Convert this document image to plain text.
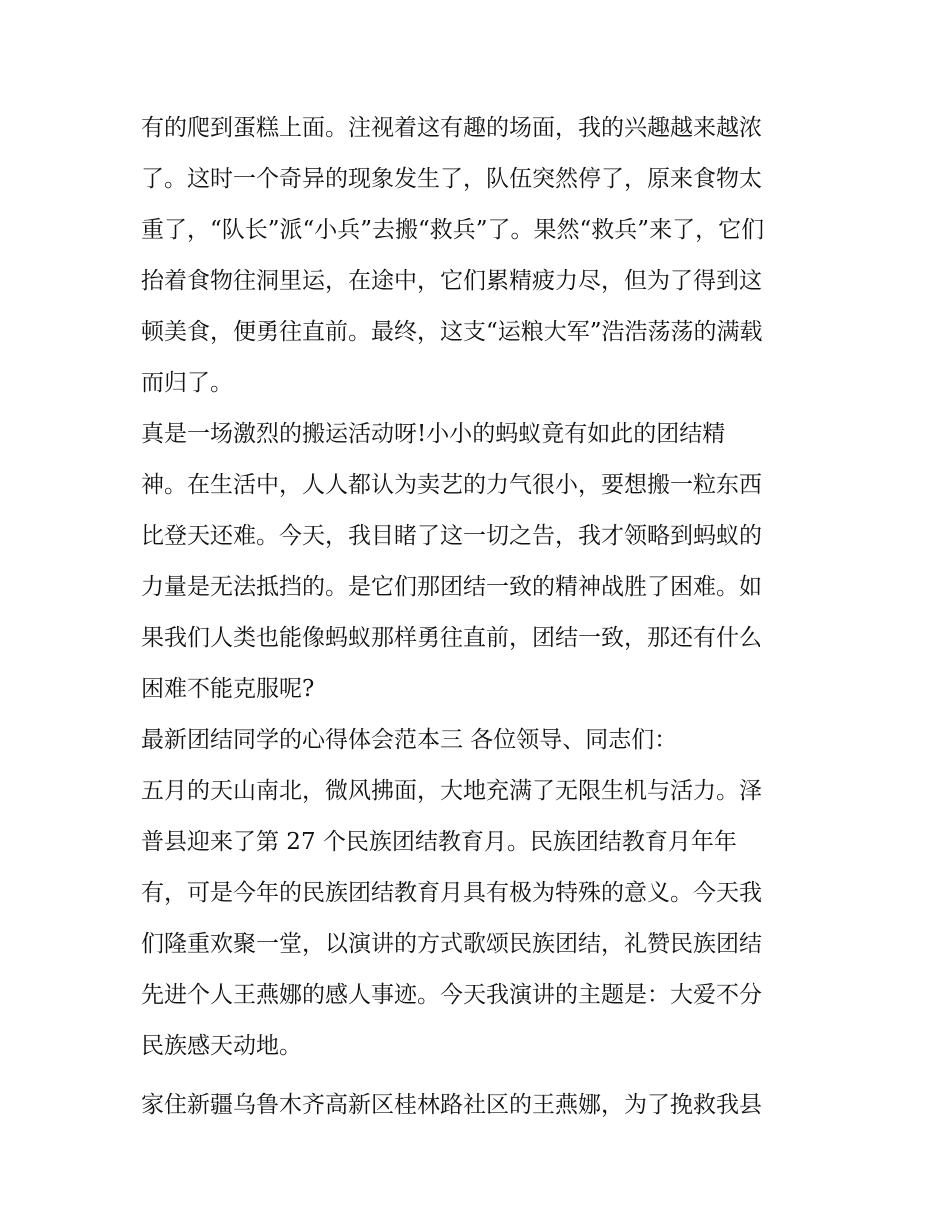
有的爬到蛋糕上面。注视着这有趣的场面，我的兴趣越来越浓
了。这时一个奇异的现象发生了，队伍突然停了，原来食物太
重了，“队长”派“小兵”去搬“救兵”了。果然“救兵”来了，它们
抬着食物往洞里运，在途中，它们累精疲力尽，但为了得到这
顿美食，便勇往直前。最终，这支“运粮大军”浩浩荡荡的满载
而归了。
真是一场激烈的搬运活动呀!小小的蚂蚁竟有如此的团结精
神。在生活中，人人都认为卖艺的力气很小，要想搬一粒东西
比登天还难。今天，我目睹了这一切之告，我才领略到蚂蚁的
力量是无法抵挡的。是它们那团结一致的精神战胜了困难。如
果我们人类也能像蚂蚁那样勇往直前，团结一致，那还有什么
困难不能克服呢?
最新团结同学的心得体会范本三 各位领导、同志们：
五月的天山南北，微风拂面，大地充满了无限生机与活力。泽
普县迎来了第 27 个民族团结教育月。民族团结教育月年年
有，可是今年的民族团结教育月具有极为特殊的意义。今天我
们隆重欢聚一堂，以演讲的方式歌颂民族团结，礼赞民族团结
先进个人王燕娜的感人事迹。今天我演讲的主题是：大爱不分
民族感天动地。
家住新疆乌鲁木齐高新区桂林路社区的王燕娜，为了挽救我县
